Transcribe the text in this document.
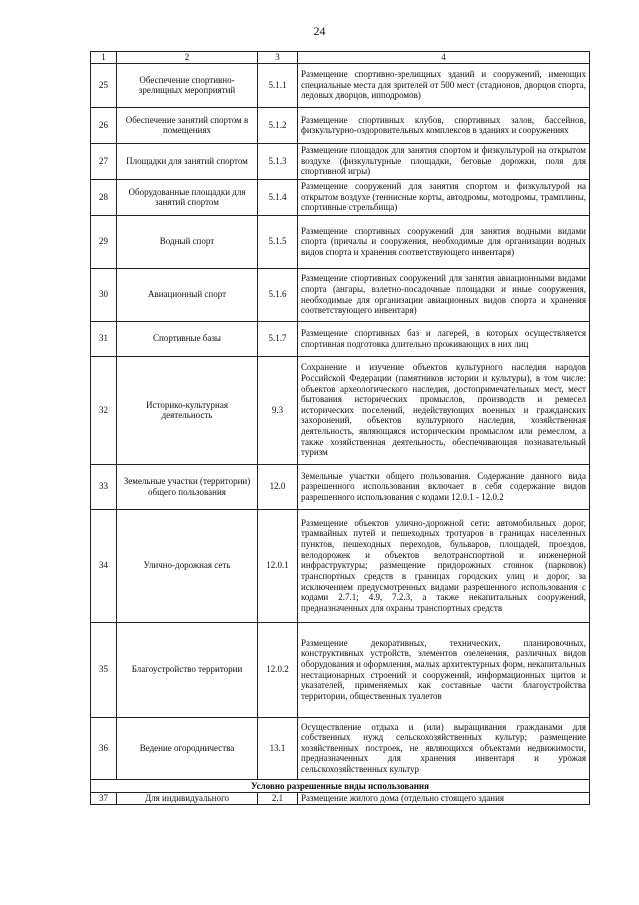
24
1	2	3	4
25	Обеспечение спортивно-зрелищных мероприятий	5.1.1	Размещение спортивно-зрелищных зданий и сооружений, имеющих специальные места для зрителей от 500 мест (стадионов, дворцов спорта, ледовых дворцов, ипподромов)
26	Обеспечение занятий спортом в помещениях	5.1.2	Размещение спортивных клубов, спортивных залов, бассейнов, физкультурно-оздоровительных комплексов в зданиях и сооружениях
27	Площадки для занятий спортом	5.1.3	Размещение площадок для занятия спортом и физкультурой на открытом воздухе (физкультурные площадки, беговые дорожки, поля для спортивной игры)
28	Оборудованные площадки для занятий спортом	5.1.4	Размещение сооружений для занятия спортом и физкультурой на открытом воздухе (теннисные корты, автодромы, мотодромы, трамплины, спортивные стрельбища)
29	Водный спорт	5.1.5	Размещение спортивных сооружений для занятия водными видами спорта (причалы и сооружения, необходимые для организации водных видов спорта и хранения соответствующего инвентаря)
30	Авиационный спорт	5.1.6	Размещение спортивных сооружений для занятия авиационными видами спорта (ангары, взлетно-посадочные площадки и иные сооружения, необходимые для организации авиационных видов спорта и хранения соответствующего инвентаря)
31	Спортивные базы	5.1.7	Размещение спортивных баз и лагерей, в которых осуществляется спортивная подготовка длительно проживающих в них лиц
32	Историко-культурная деятельность	9.3	Сохранение и изучение объектов культурного наследия народов Российской Федерации (памятников истории и культуры), в том числе: объектов археологического наследия, достопримечательных мест, мест бытования исторических промыслов, производств и ремесел исторических поселений, недействующих военных и гражданских захоронений, объектов культурного наследия, хозяйственная деятельность, являющаяся историческим промыслом или ремеслом, а также хозяйственная деятельность, обеспечивающая познавательный туризм
33	Земельные участки (территории) общего пользования	12.0	Земельные участки общего пользования. Содержание данного вида разрешенного использования включает в себя содержание видов разрешенного использования с кодами 12.0.1 - 12.0.2
34	Улично-дорожная сеть	12.0.1	Размещение объектов улично-дорожной сети: автомобильных дорог, трамвайных путей и пешеходных тротуаров в границах населенных пунктов, пешеходных переходов, бульваров, площадей, проездов, велодорожек и объектов велотранспортной и инженерной инфраструктуры; размещение придорожных стоянок (парковок) транспортных средств в границах городских улиц и дорог, за исключением предусмотренных видами разрешенного использования с кодами 2.7.1; 4.9, 7.2.3, а также некапитальных сооружений, предназначенных для охраны транспортных средств
35	Благоустройство территории	12.0.2	Размещение декоративных, технических, планировочных, конструктивных устройств, элементов озеленения, различных видов оборудования и оформления, малых архитектурных форм, некапитальных нестационарных строений и сооружений, информационных щитов и указателей, применяемых как составные части благоустройства территории, общественных туалетов
36	Ведение огородничества	13.1	Осуществление отдыха и (или) выращивания гражданами для собственных нужд сельскохозяйственных культур; размещение хозяйственных построек, не являющихся объектами недвижимости, предназначенных для хранения инвентаря и урожая сельскохозяйственных культур
Условно разрешенные виды использования			
37	Для индивидуального	2.1	Размещение жилого дома (отдельно стоящего здания
